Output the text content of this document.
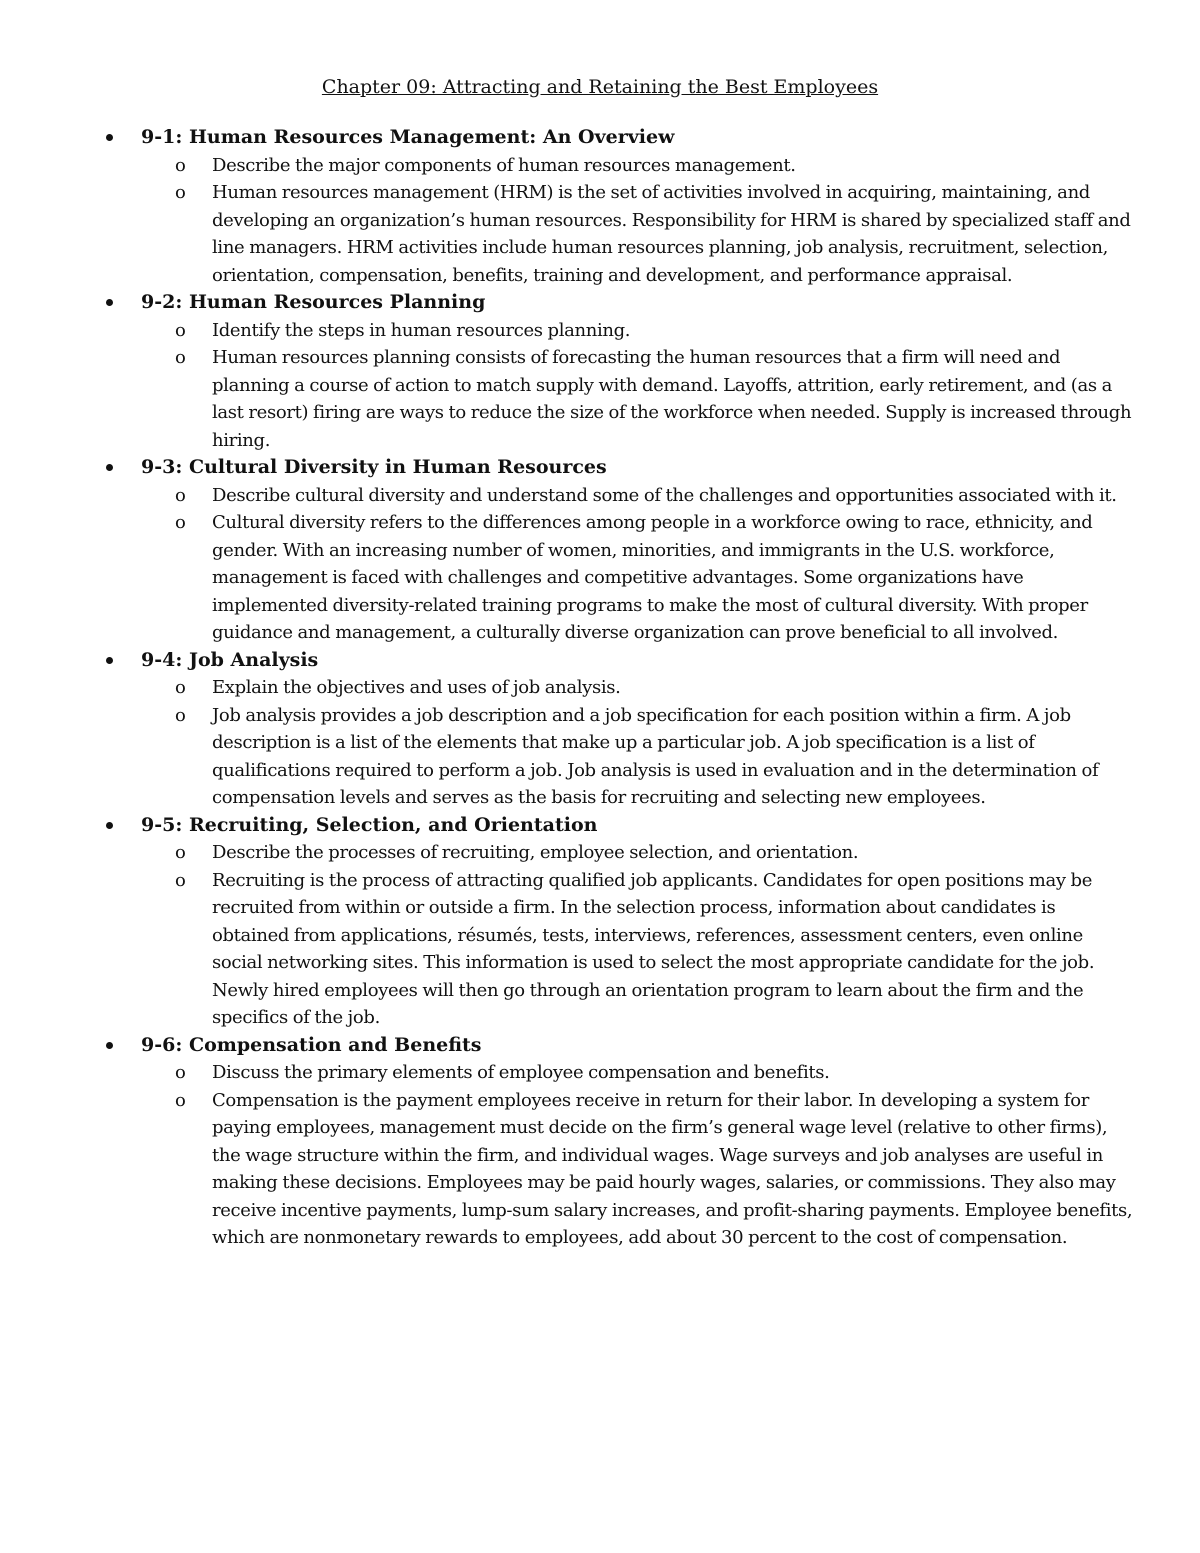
Chapter 09: Attracting and Retaining the Best Employees
9-1: Human Resources Management: An Overview
o Describe the major components of human resources management.
o Human resources management (HRM) is the set of activities involved in acquiring, maintaining, and developing an organization’s human resources. Responsibility for HRM is shared by specialized staff and line managers. HRM activities include human resources planning, job analysis, recruitment, selection, orientation, compensation, benefits, training and development, and performance appraisal.
9-2: Human Resources Planning
o Identify the steps in human resources planning.
o Human resources planning consists of forecasting the human resources that a firm will need and planning a course of action to match supply with demand. Layoffs, attrition, early retirement, and (as a last resort) firing are ways to reduce the size of the workforce when needed. Supply is increased through hiring.
9-3: Cultural Diversity in Human Resources
o Describe cultural diversity and understand some of the challenges and opportunities associated with it.
o Cultural diversity refers to the differences among people in a workforce owing to race, ethnicity, and gender. With an increasing number of women, minorities, and immigrants in the U.S. workforce, management is faced with challenges and competitive advantages. Some organizations have implemented diversity-related training programs to make the most of cultural diversity. With proper guidance and management, a culturally diverse organization can prove beneficial to all involved.
9-4: Job Analysis
o Explain the objectives and uses of job analysis.
o Job analysis provides a job description and a job specification for each position within a firm. A job description is a list of the elements that make up a particular job. A job specification is a list of qualifications required to perform a job. Job analysis is used in evaluation and in the determination of compensation levels and serves as the basis for recruiting and selecting new employees.
9-5: Recruiting, Selection, and Orientation
o Describe the processes of recruiting, employee selection, and orientation.
o Recruiting is the process of attracting qualified job applicants. Candidates for open positions may be recruited from within or outside a firm. In the selection process, information about candidates is obtained from applications, résumés, tests, interviews, references, assessment centers, even online social networking sites. This information is used to select the most appropriate candidate for the job. Newly hired employees will then go through an orientation program to learn about the firm and the specifics of the job.
9-6: Compensation and Benefits
o Discuss the primary elements of employee compensation and benefits.
o Compensation is the payment employees receive in return for their labor. In developing a system for paying employees, management must decide on the firm’s general wage level (relative to other firms), the wage structure within the firm, and individual wages. Wage surveys and job analyses are useful in making these decisions. Employees may be paid hourly wages, salaries, or commissions. They also may receive incentive payments, lump-sum salary increases, and profit-sharing payments. Employee benefits, which are nonmonetary rewards to employees, add about 30 percent to the cost of compensation.
